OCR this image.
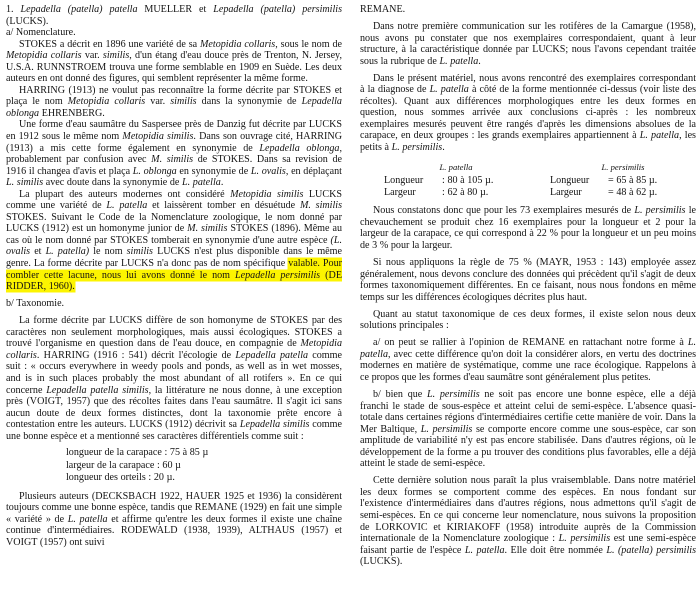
1. Lepadella (patella) patella MUELLER et Lepadella (patella) persimilis (LUCKS).

a/ Nomenclature.

STOKES a décrit en 1896 une variété de sa Metopidia collaris, sous le nom de Metopidia collaris var. similis, d'un étang d'eau douce près de Trenton, N. Jersey, U.S.A. RUNNSTROEM trouva une forme semblable en 1909 en Suède. Les deux auteurs en ont donné des figures, qui semblent représenter la même forme.

HARRING (1913) ne voulut pas reconnaître la forme décrite par STOKES et plaça le nom Metopidia collaris var. similis dans la synonymie de Lepadella oblonga EHRENBERG.

Une forme d'eau saumâtre du Saspersee près de Danzig fut décrite par LUCKS en 1912 sous le même nom Metopidia similis. Dans son ouvrage cité, HARRING (1913) a mis cette forme également en synonymie de Lepadella oblonga, probablement par confusion avec M. similis de STOKES. Dans sa revision de 1916 il changea d'avis et plaça L. oblonga en synonymie de L. ovalis, en déplaçant L. similis avec doute dans la synonymie de L. patella.

La plupart des auteurs modernes ont considéré Metopidia similis LUCKS comme une variété de L. patella et laissèrent tomber en désuétude M. similis STOKES. Suivant le Code de la Nomenclature zoologique, le nom donné par LUCKS (1912) est un homonyme junior de M. similis STOKES (1896). Même au cas où le nom donné par STOKES tomberait en synonymie d'une autre espèce (L. ovalis et L. patella) le nom similis LUCKS n'est plus disponible dans le même genre. La forme décrite par LUCKS n'a donc pas de nom spécifique valable. Pour combler cette lacune, nous lui avons donné le nom Lepadella persimilis (DE RIDDER, 1960).

b/ Taxonomie.

La forme décrite par LUCKS diffère de son homonyme de STOKES par des caractères non seulement morphologiques, mais aussi écologiques. STOKES a trouvé l'organisme en question dans de l'eau douce, en compagnie de Metopidia collaris. HARRING (1916 : 541) décrit l'écologie de Lepadella patella comme suit : « occurs everywhere in weedy pools and ponds, as well as in wet mosses, and is in such places probably the most abundant of all rotifers ». En ce qui concerne Lepadella patella similis, la littérature ne nous donne, à une exception près (VOIGT, 1957) que des récoltes faites dans l'eau saumâtre. Il s'agit ici sans aucun doute de deux formes distinctes, dont la taxonomie prête encore à contestation entre les auteurs. LUCKS (1912) décrivit sa Lepadella similis comme une bonne espèce et a mentionné ses caractères différentiels comme suit :

longueur de la carapace : 75 à 85 µ
largeur de la carapace : 60 µ
longueur des orteils : 20 µ.

Plusieurs auteurs (DECKSBACH 1922, HAUER 1925 et 1936) la considèrent toujours comme une bonne espèce, tandis que REMANE (1929) en fait une simple « variété » de L. patella et affirme qu'entre les deux formes il existe une chaîne continue d'intermédiaires. RODEWALD (1938, 1939), ALTHAUS (1957) et VOIGT (1957) ont suivi

REMANE.

Dans notre première communication sur les rotifères de la Camargue (1958), nous avons pu constater que nos exemplaires correspondaient, quant à leur structure, à la caractéristique donnée par LUCKS; nous l'avons cependant traitée sous la rubrique de L. patella.

Dans le présent matériel, nous avons rencontré des exemplaires correspondant à la diagnose de L. patella à côté de la forme mentionnée ci-dessus (voir liste des récoltes). Quant aux différences morphologiques entre les deux formes en question, nous sommes arrivée aux conclusions ci-après : les nombreux exemplaires mesurés peuvent être rangés d'après les dimensions absolues de la carapace, en deux groupes : les grands exemplaires appartiennent à L. patella, les petits à L. persimilis.

L. patella	L. persimilis
Longueur : 80 à 105 µ.	Longueur = 65 à 85 µ.
Largeur : 62 à 80 µ.	Largeur = 48 à 62 µ.

Nous constatons donc que pour les 73 exemplaires mesurés de L. persimilis le chevauchement se produit chez 16 exemplaires pour la longueur et 2 pour la largeur de la carapace, ce qui correspond à 22 % pour la longueur et un peu moins de 3 % pour la largeur.

Si nous appliquons la règle de 75 % (MAYR, 1953 : 143) employée assez généralement, nous devons conclure des données qui précèdent qu'il s'agit de deux formes taxonomiquement différentes. En ce faisant, nous nous fondons en même temps sur les différences écologiques décrites plus haut.

Quant au statut taxonomique de ces deux formes, il existe selon nous deux solutions principales :

a/ on peut se rallier à l'opinion de REMANE en rattachant notre forme à L. patella, avec cette différence qu'on doit la considérer alors, en vertu des doctrines modernes en matière de systématique, comme une race écologique. Rappelons à ce propos que les formes d'eau saumâtre sont généralement plus petites.

b/ bien que L. persimilis ne soit pas encore une bonne espèce, elle a déjà franchi le stade de sous-espèce et atteint celui de semi-espèce. L'absence quasi-totale dans certaines régions d'intermédiaires certifie cette manière de voir. Dans la Mer Baltique, L. persimilis se comporte encore comme une sous-espèce, car son amplitude de variabilité n'y est pas encore stabilisée. Dans d'autres régions, où le développement de la forme a pu trouver des conditions plus favorables, elle a déjà atteint le stade de semi-espèce.

Cette dernière solution nous paraît la plus vraisemblable. Dans notre matériel les deux formes se comportent comme des espèces. En nous fondant sur l'existence d'intermédiaires dans d'autres régions, nous admettons qu'il s'agit de semi-espèces. En ce qui concerne leur nomenclature, nous suivons la proposition de LORKOVIC et KIRIAKOFF (1958) introduite auprès de la Commission internationale de la Nomenclature zoologique : L. persimilis est une semi-espèce faisant partie de l'espèce L. patella. Elle doit être nommée L. (patella) persimilis (LUCKS).
